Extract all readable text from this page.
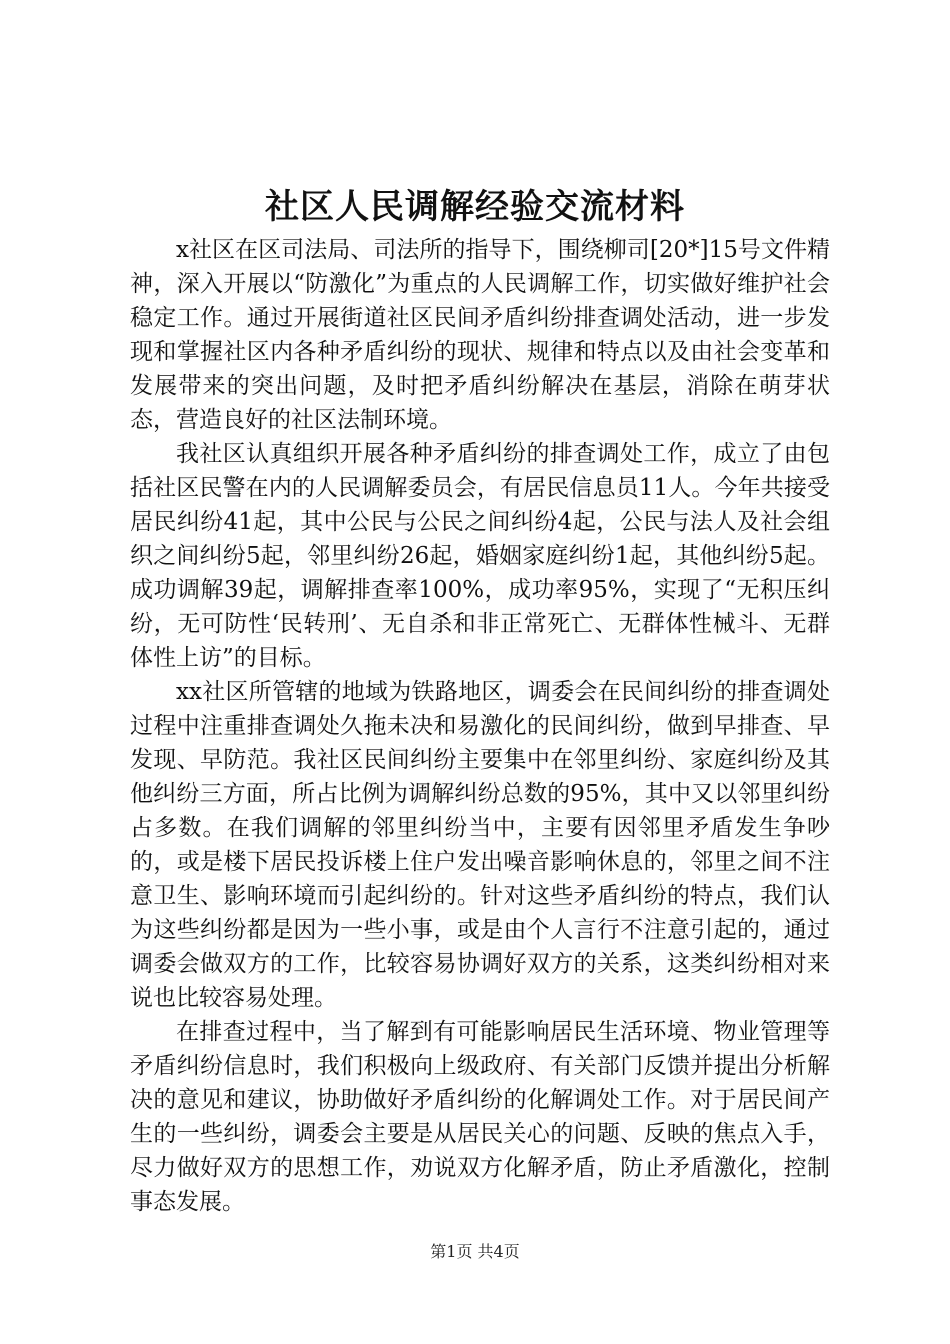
社区人民调解经验交流材料

x社区在区司法局、司法所的指导下，围绕柳司[20*]15号文件精神，深入开展以“防激化”为重点的人民调解工作，切实做好维护社会稳定工作。通过开展街道社区民间矛盾纠纷排查调处活动，进一步发现和掌握社区内各种矛盾纠纷的现状、规律和特点以及由社会变革和发展带来的突出问题，及时把矛盾纠纷解决在基层，消除在萌芽状态，营造良好的社区法制环境。

我社区认真组织开展各种矛盾纠纷的排查调处工作，成立了由包括社区民警在内的人民调解委员会，有居民信息员11人。今年共接受居民纠纷41起，其中公民与公民之间纠纷4起，公民与法人及社会组织之间纠纷5起，邻里纠纷26起，婚姻家庭纠纷1起，其他纠纷5起。成功调解39起，调解排查率100%，成功率95%，实现了“无积压纠纷，无可防性‘民转刑’、无自杀和非正常死亡、无群体性械斗、无群体性上访”的目标。

xx社区所管辖的地域为铁路地区，调委会在民间纠纷的排查调处过程中注重排查调处久拖未决和易激化的民间纠纷，做到早排查、早发现、早防范。我社区民间纠纷主要集中在邻里纠纷、家庭纠纷及其他纠纷三方面，所占比例为调解纠纷总数的95%，其中又以邻里纠纷占多数。在我们调解的邻里纠纷当中，主要有因邻里矛盾发生争吵的，或是楼下居民投诉楼上住户发出噪音影响休息的，邻里之间不注意卫生、影响环境而引起纠纷的。针对这些矛盾纠纷的特点，我们认为这些纠纷都是因为一些小事，或是由个人言行不注意引起的，通过调委会做双方的工作，比较容易协调好双方的关系，这类纠纷相对来说也比较容易处理。

在排查过程中，当了解到有可能影响居民生活环境、物业管理等矛盾纠纷信息时，我们积极向上级政府、有关部门反馈并提出分析解决的意见和建议，协助做好矛盾纠纷的化解调处工作。对于居民间产生的一些纠纷，调委会主要是从居民关心的问题、反映的焦点入手，尽力做好双方的思想工作，劝说双方化解矛盾，防止矛盾激化，控制事态发展。

第1页 共4页
